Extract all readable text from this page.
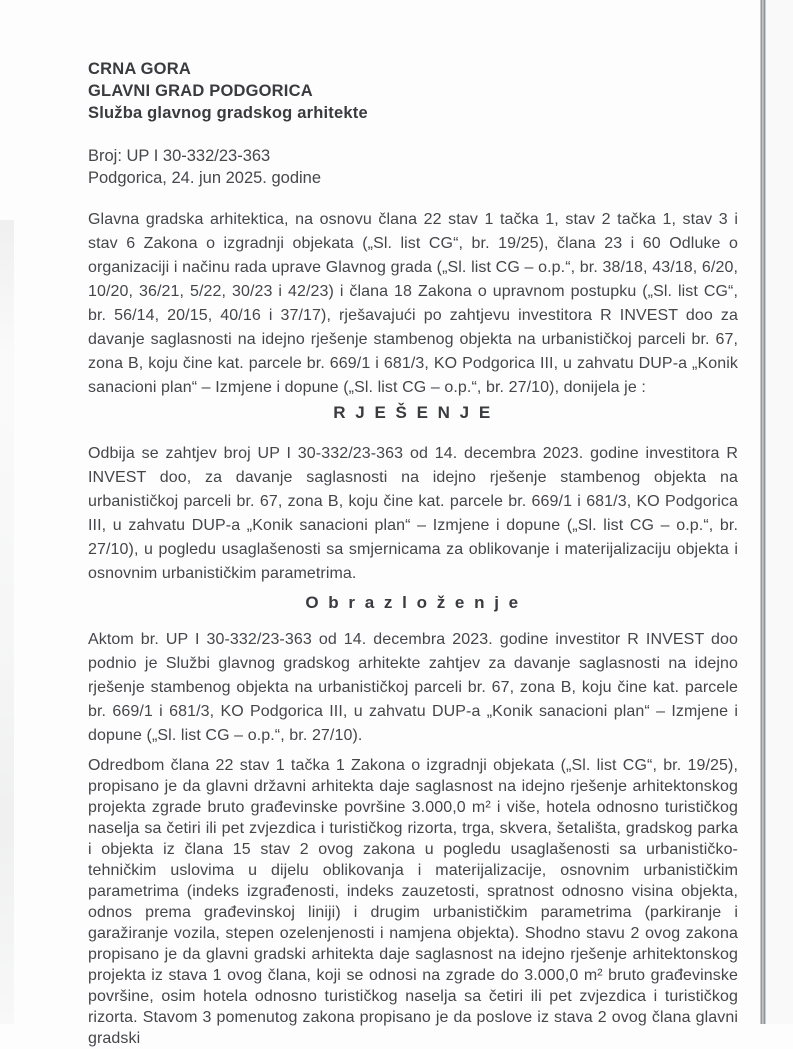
CRNA GORA
GLAVNI GRAD PODGORICA
Služba glavnog gradskog arhitekte
Broj: UP I 30-332/23-363
Podgorica, 24. jun 2025. godine

Glavna gradska arhitektica, na osnovu člana 22 stav 1 tačka 1, stav 2 tačka 1, stav 3 i stav 6 Zakona o izgradnji objekata („Sl. list CG“, br. 19/25), člana 23 i 60 Odluke o organizaciji i načinu rada uprave Glavnog grada („Sl. list CG – o.p.“, br. 38/18, 43/18, 6/20, 10/20, 36/21, 5/22, 30/23 i 42/23) i člana 18 Zakona o upravnom postupku („Sl. list CG“, br. 56/14, 20/15, 40/16 i 37/17), rješavajući po zahtjevu investitora R INVEST doo za davanje saglasnosti na idejno rješenje stambenog objekta na urbanističkoj parceli br. 67, zona B, koju čine kat. parcele br. 669/1 i 681/3, KO Podgorica III, u zahvatu DUP-a „Konik sanacioni plan“ – Izmjene i dopune („Sl. list CG – o.p.“, br. 27/10), donijela je :

R J E Š E N J E

Odbija se zahtjev broj UP I 30-332/23-363 od 14. decembra 2023. godine investitora R INVEST doo, za davanje saglasnosti na idejno rješenje stambenog objekta na urbanističkoj parceli br. 67, zona B, koju čine kat. parcele br. 669/1 i 681/3, KO Podgorica III, u zahvatu DUP-a „Konik sanacioni plan“ – Izmjene i dopune („Sl. list CG – o.p.“, br. 27/10), u pogledu usaglašenosti sa smjernicama za oblikovanje i materijalizaciju objekta i osnovnim urbanističkim parametrima.

O b r a z l o ž e n j e

Aktom br. UP I 30-332/23-363 od 14. decembra 2023. godine investitor R INVEST doo podnio je Službi glavnog gradskog arhitekte zahtjev za davanje saglasnosti na idejno rješenje stambenog objekta na urbanističkoj parceli br. 67, zona B, koju čine kat. parcele br. 669/1 i 681/3, KO Podgorica III, u zahvatu DUP-a „Konik sanacioni plan“ – Izmjene i dopune („Sl. list CG – o.p.“, br. 27/10).

Odredbom člana 22 stav 1 tačka 1 Zakona o izgradnji objekata („Sl. list CG“, br. 19/25), propisano je da glavni državni arhitekta daje saglasnost na idejno rješenje arhitektonskog projekta zgrade bruto građevinske površine 3.000,0 m² i više, hotela odnosno turističkog naselja sa četiri ili pet zvjezdica i turističkog rizorta, trga, skvera, šetališta, gradskog parka i objekta iz člana 15 stav 2 ovog zakona u pogledu usaglašenosti sa urbanističko-tehničkim uslovima u dijelu oblikovanja i materijalizacije, osnovnim urbanističkim parametrima (indeks izgrađenosti, indeks zauzetosti, spratnost odnosno visina objekta, odnos prema građevinskoj liniji) i drugim urbanističkim parametrima (parkiranje i garažiranje vozila, stepen ozelenjenosti i namjena objekta). Shodno stavu 2 ovog zakona propisano je da glavni gradski arhitekta daje saglasnost na idejno rješenje arhitektonskog projekta iz stava 1 ovog člana, koji se odnosi na zgrade do 3.000,0 m² bruto građevinske površine, osim hotela odnosno turističkog naselja sa četiri ili pet zvjezdica i turističkog rizorta. Stavom 3 pomenutog zakona propisano je da poslove iz stava 2 ovog člana glavni gradski
